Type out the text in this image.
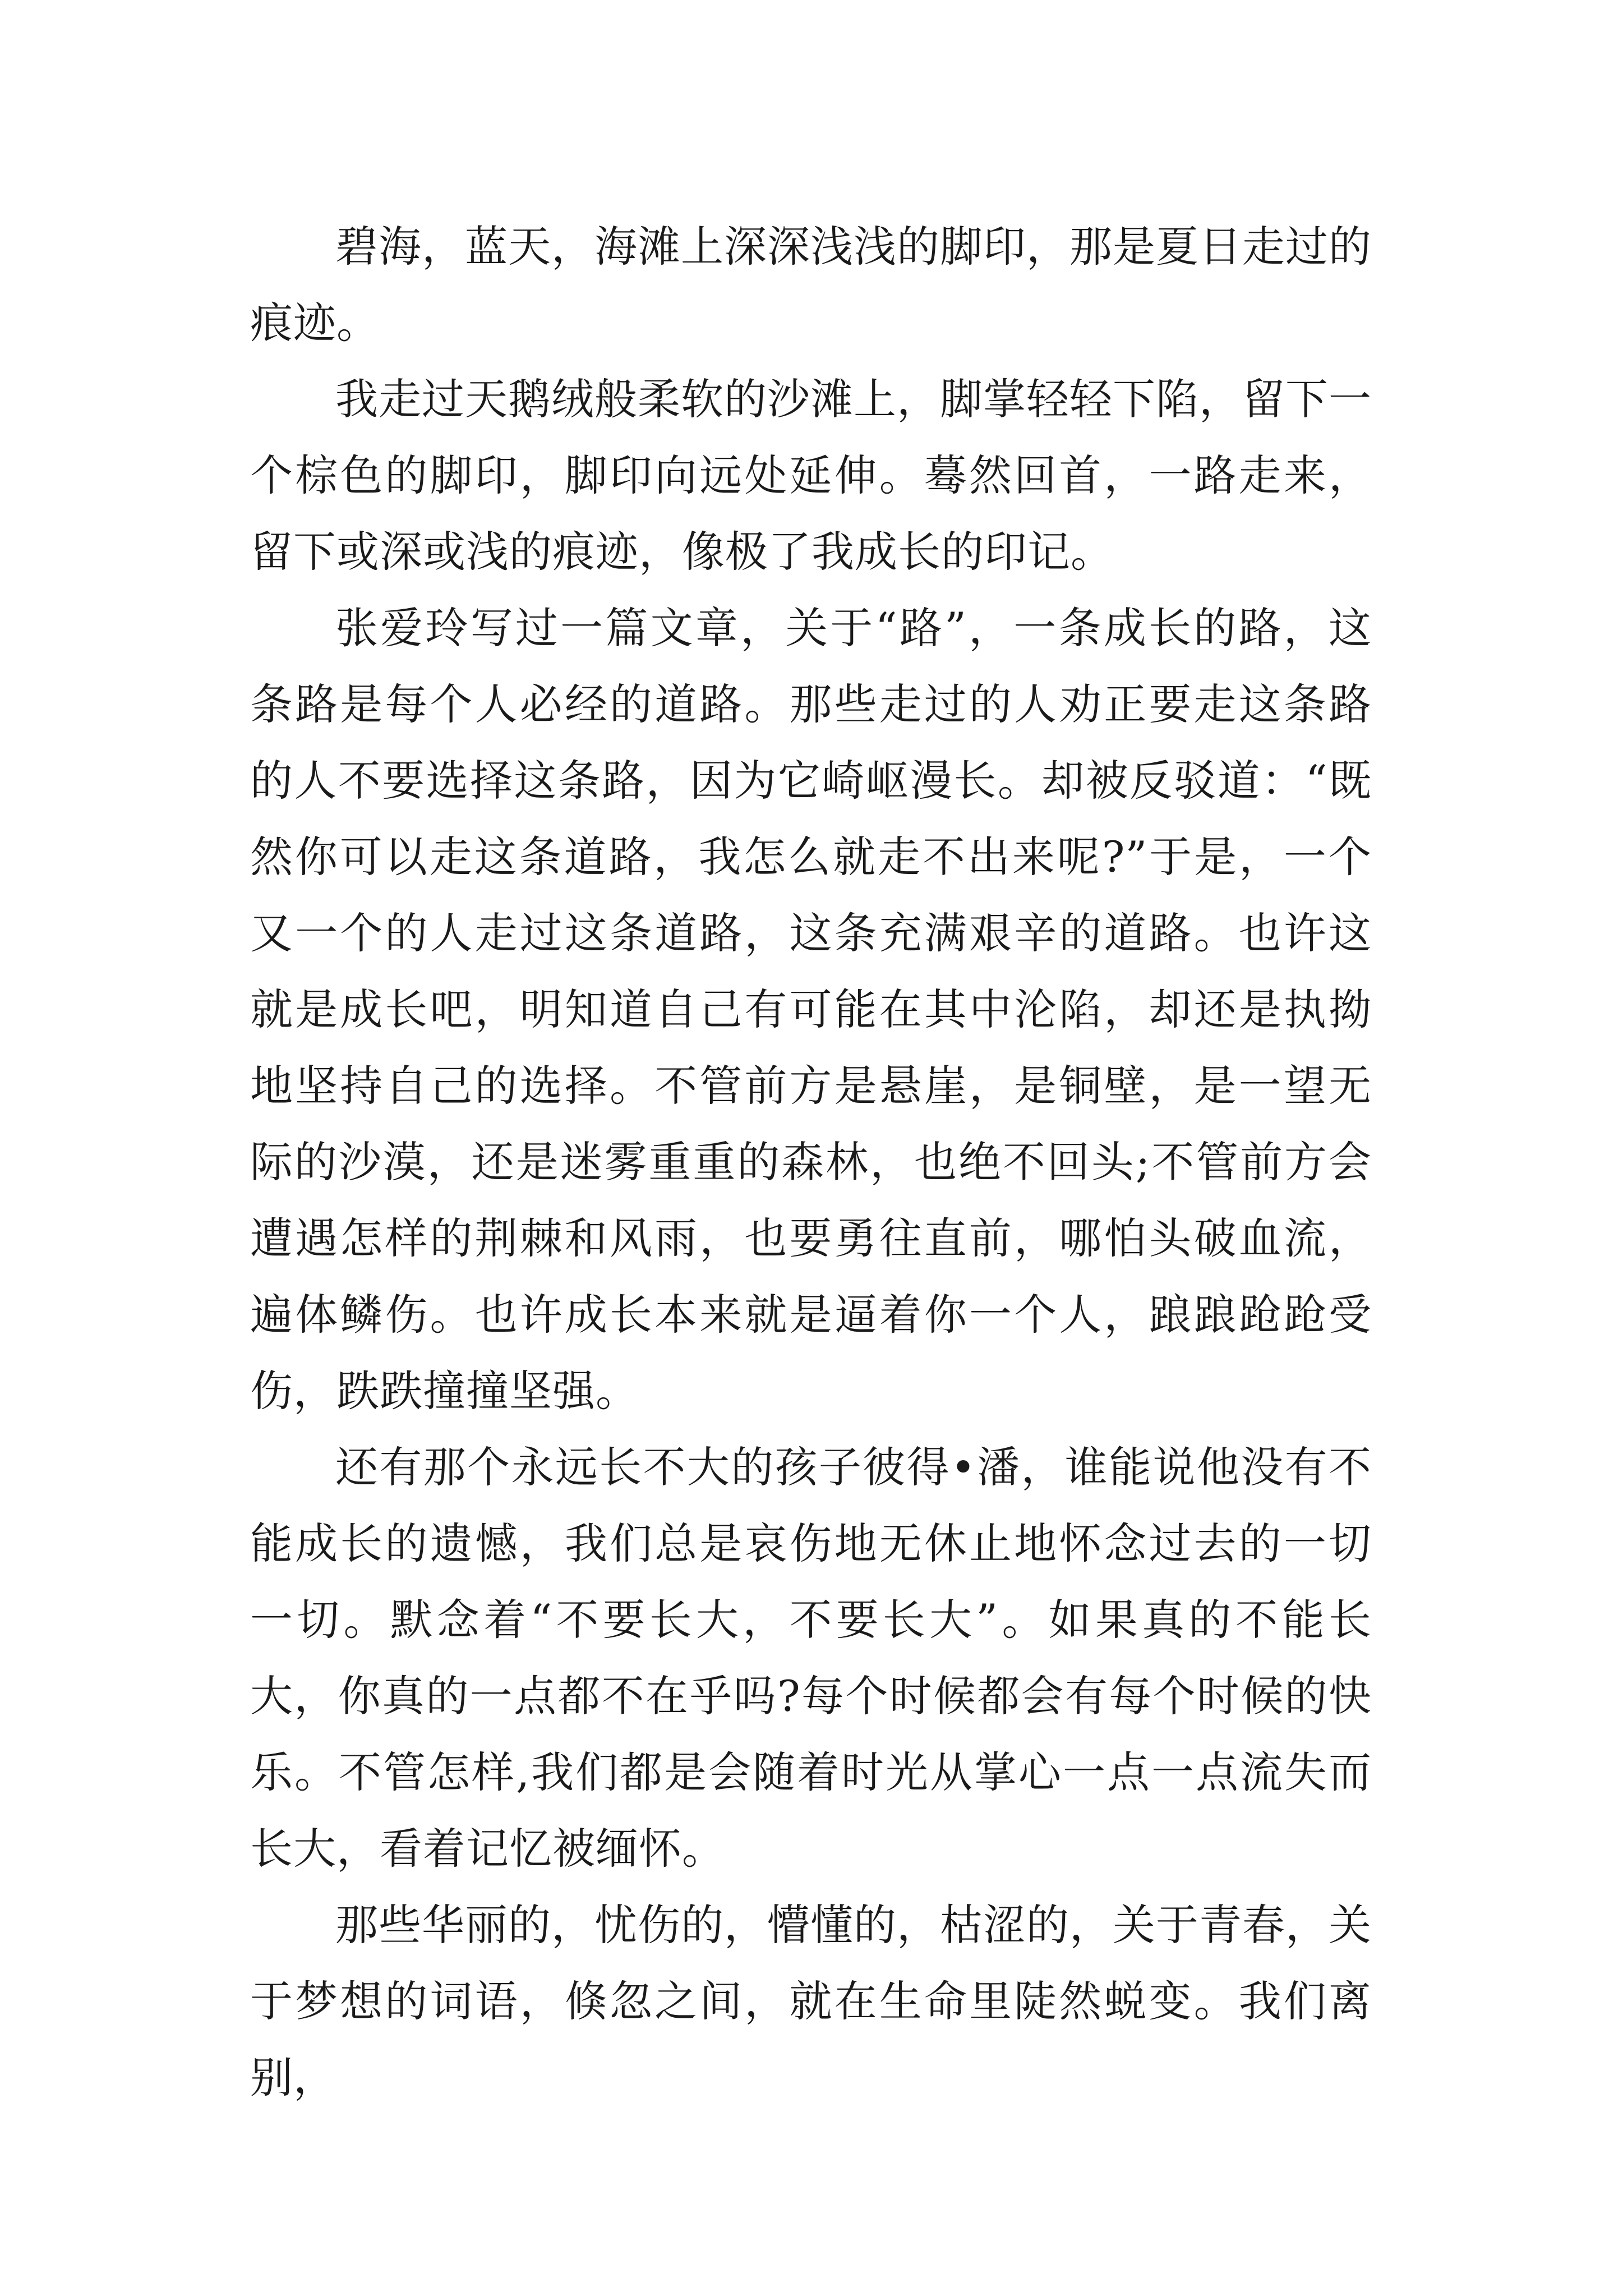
碧海，蓝天，海滩上深深浅浅的脚印，那是夏日走过的痕迹。

我走过天鹅绒般柔软的沙滩上，脚掌轻轻下陷，留下一个棕色的脚印，脚印向远处延伸。蓦然回首，一路走来，留下或深或浅的痕迹，像极了我成长的印记。

张爱玲写过一篇文章，关于“路”，一条成长的路，这条路是每个人必经的道路。那些走过的人劝正要走这条路的人不要选择这条路，因为它崎岖漫长。却被反驳道：“既然你可以走这条道路，我怎么就走不出来呢?”于是，一个又一个的人走过这条道路，这条充满艰辛的道路。也许这就是成长吧，明知道自己有可能在其中沦陷，却还是执拗地坚持自己的选择。不管前方是悬崖，是铜壁，是一望无际的沙漠，还是迷雾重重的森林，也绝不回头;不管前方会遭遇怎样的荆棘和风雨，也要勇往直前，哪怕头破血流，遍体鳞伤。也许成长本来就是逼着你一个人，踉踉跄跄受伤，跌跌撞撞坚强。

还有那个永远长不大的孩子彼得•潘，谁能说他没有不能成长的遗憾，我们总是哀伤地无休止地怀念过去的一切一切。默念着“不要长大，不要长大”。如果真的不能长大，你真的一点都不在乎吗?每个时候都会有每个时候的快乐。不管怎样,我们都是会随着时光从掌心一点一点流失而长大，看着记忆被缅怀。

那些华丽的，忧伤的，懵懂的，枯涩的，关于青春，关于梦想的词语，倏忽之间，就在生命里陡然蜕变。我们离别，
